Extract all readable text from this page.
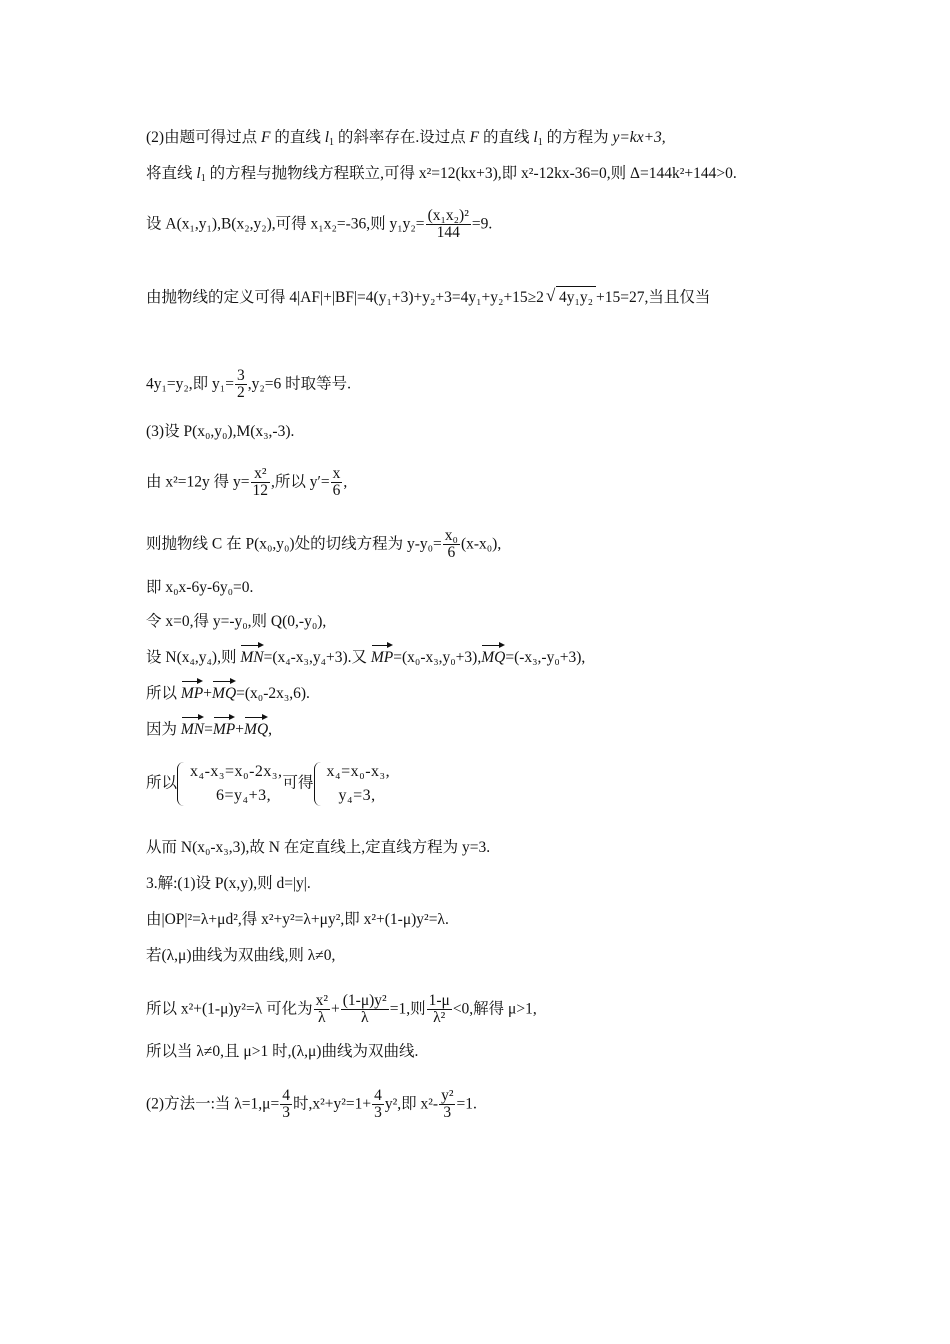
(2)由题可得过点 F 的直线 $l_1$ 的斜率存在.设过点 F 的直线 $l_1$ 的方程为 y=kx+3,
将直线 $l_1$ 的方程与抛物线方程联立,可得 x²=12(kx+3),即 x²-12kx-36=0,则 Δ=144k²+144>0.
设 A(x₁,y₁),B(x₂,y₂),可得 x₁x₂=-36,则 $y_1y_2= \frac{\text{(x₁x₂)²}}{144} =9$.
由抛物线的定义可得 4|AF|+|BF|=4(y₁+3)+y₂+3=4y₁+y₂+15≥2 √ 4y₁y₂ +15=27,当且仅当
4y₁=y₂,即 $y_1= \frac{3}{2} ,y_2=6$ 时取等号.
(3)设 P(x₀,y₀),M(x₃,-3).
由 x²=12y 得 $y= \frac{\text{x²}}{12}$ ,所以 $y'= \frac{x}{6}$ ,
则抛物线 C 在 P(x₀,y₀)处的切线方程为 $y-y_0= \frac{\text{x₀}}{6} (x-x_0)$,
即 x₀x-6y-6y₀=0.
令 x=0,得 y=-y₀,则 Q(0,-y₀),
设 N(x₄,y₄),则 MN=(x₄-x₃,y₄+3).又 MP=(x₀-x₃,y₀+3),MQ=(-x₃,-y₀+3),
所以 MP+MQ=(x₀-2x₃,6).
因为 MN=MP+MQ,
所以
x₄-x₃=x₀-2x₃,
6=y₄+3,
可得
x₄=x₀-x₃,
y₄=3,
从而 N(x₀-x₃,3),故 N 在定直线上,定直线方程为 y=3.
3.解:(1)设 P(x,y),则 d=|y|.
由|OP|²=λ+μd²,得 x²+y²=λ+μy²,即 x²+(1-μ)y²=λ.
若(λ,μ)曲线为双曲线,则 λ≠0,
所以 x²+(1-μ)y²=λ 可化为 $\frac{\text{x²}}{\lambda} + \frac{\text{(1-μ)y²}}{\lambda} =1$,则 $\frac{1-\mu}{\text{λ²}} <0$,解得 μ>1,
所以当 λ≠0,且 μ>1 时,(λ,μ)曲线为双曲线.
(2)方法一:当 $\lambda=1,\mu= \frac{4}{3}$ 时$,x^2+y^2=1+ \frac{4}{3} y^2$,即 $x^2- \frac{\text{y²}}{3} =1$.
